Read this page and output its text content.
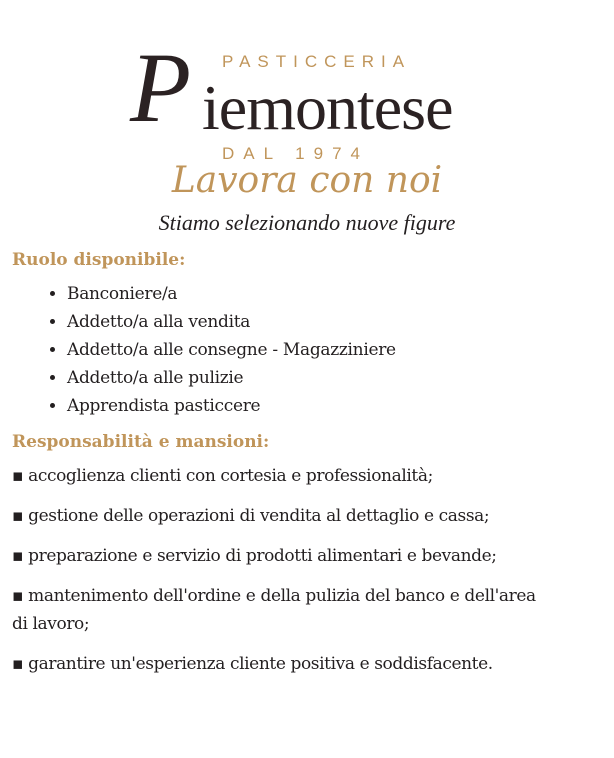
P iemontese
PASTICCERIA
DAL 1974
Lavora con noi
Stiamo selezionando nuove figure
Ruolo disponibile:
• Banconiere/a
• Addetto/a alla vendita
• Addetto/a alle consegne - Magazziniere
• Addetto/a alle pulizie
• Apprendista pasticcere
Responsabilità e mansioni:

▪ accoglienza clienti con cortesia e professionalità;

▪ gestione delle operazioni di vendita al dettaglio e cassa;

▪ preparazione e servizio di prodotti alimentari e bevande;

▪ mantenimento dell'ordine e della pulizia del banco e dell'area di lavoro;

▪ garantire un'esperienza cliente positiva e soddisfacente.
